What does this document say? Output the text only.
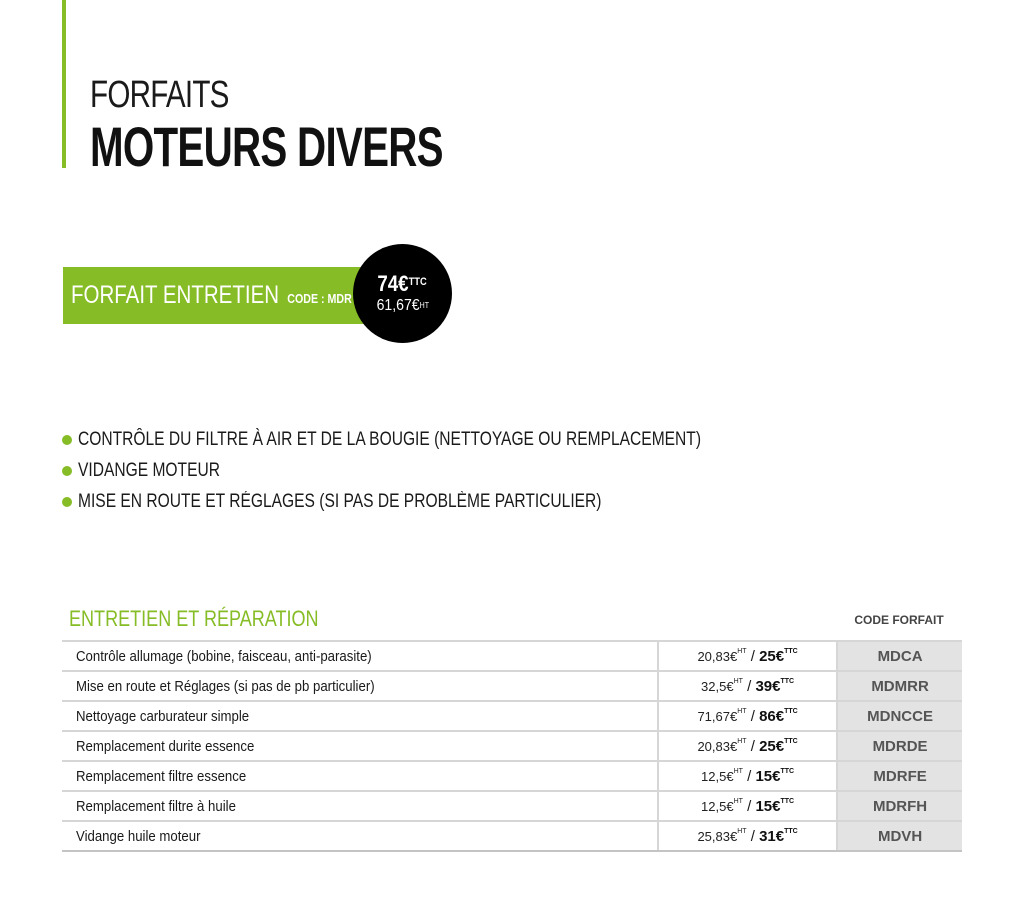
FORFAITS
MOTEURS DIVERS
FORFAIT ENTRETIEN CODE : MDR
74€$^{TTC}$
61,67€$^{HT}$
CONTRÔLE DU FILTRE À AIR ET DE LA BOUGIE (NETTOYAGE OU REMPLACEMENT)
VIDANGE MOTEUR
MISE EN ROUTE ET RÉGLAGES (SI PAS DE PROBLÈME PARTICULIER)
ENTRETIEN ET RÉPARATION	CODE FORFAIT
Contrôle allumage (bobine, faisceau, anti-parasite)	20,83€$^{HT}$ / 25€$^{TTC}$	MDCA
Mise en route et Réglages (si pas de pb particulier)	32,5€$^{HT}$ / 39€$^{TTC}$	MDMRR
Nettoyage carburateur simple	71,67€$^{HT}$ / 86€$^{TTC}$	MDNCCE
Remplacement durite essence	20,83€$^{HT}$ / 25€$^{TTC}$	MDRDE
Remplacement filtre essence	12,5€$^{HT}$ / 15€$^{TTC}$	MDRFE
Remplacement filtre à huile	12,5€$^{HT}$ / 15€$^{TTC}$	MDRFH
Vidange huile moteur	25,83€$^{HT}$ / 31€$^{TTC}$	MDVH
